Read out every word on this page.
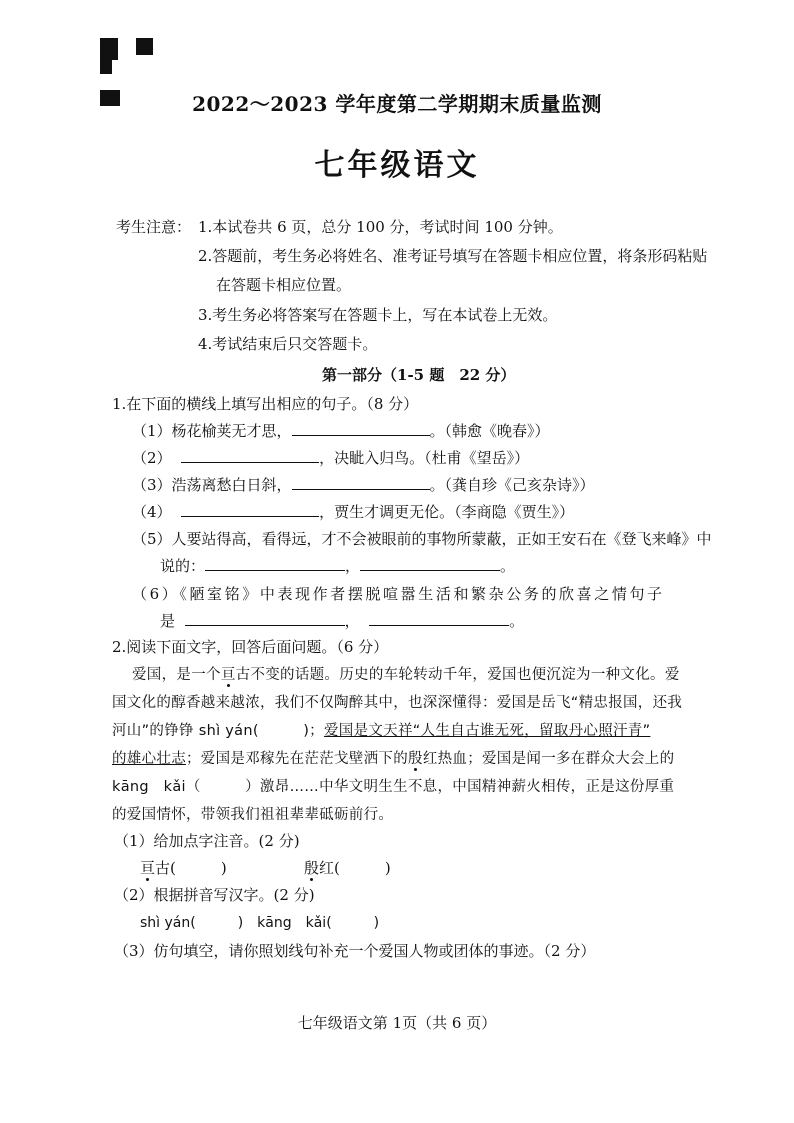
2022～2023 学年度第二学期期末质量监测
七年级语文
考生注意： 1.本试卷共 6 页，总分 100 分，考试时间 100 分钟。
2.答题前，考生务必将姓名、准考证号填写在答题卡相应位置，将条形码粘贴
在答题卡相应位置。
3.考生务必将答案写在答题卡上，写在本试卷上无效。
4.考试结束后只交答题卡。
第一部分（1-5 题　22 分）
1.在下面的横线上填写出相应的句子。（8 分）
（1）杨花榆荚无才思，	。（韩愈《晚春》）
（2）	，决眦入归鸟。（杜甫《望岳》）
（3）浩荡离愁白日斜，	。（龚自珍《己亥杂诗》）
（4）	，贾生才调更无伦。（李商隐《贾生》）
（5）人要站得高，看得远，才不会被眼前的事物所蒙蔽，正如王安石在《登飞来峰》中
说的：	，	。
（6）《陋室铭》中表现作者摆脱喧嚣生活和繁杂公务的欣喜之情句子
是	，	。
2.阅读下面文字，回答后面问题。（6 分）
爱国，是一个亘古不变的话题。历史的车轮转动千年，爱国也便沉淀为一种文化。爱
国文化的醇香越来越浓，我们不仅陶醉其中，也深深懂得：爱国是岳飞“精忠报国，还我
河山”的铮铮 shì yán(　　　)；爱国是文天祥“人生自古谁无死，留取丹心照汗青”
的雄心壮志；爱国是邓稼先在茫茫戈壁洒下的殷红热血；爱国是闻一多在群众大会上的
kāng　kǎi（　　　）激昂……中华文明生生不息，中国精神薪火相传，正是这份厚重
的爱国情怀，带领我们祖祖辈辈砥砺前行。
（1）给加点字注音。(2 分)
亘古(　　　)	殷红(　　　)
（2）根据拼音写汉字。(2 分)
shì yán(　　　)　kāng　kǎi(　　　)
（3）仿句填空，请你照划线句补充一个爱国人物或团体的事迹。（2 分）
七年级语文第 1页（共 6 页）
